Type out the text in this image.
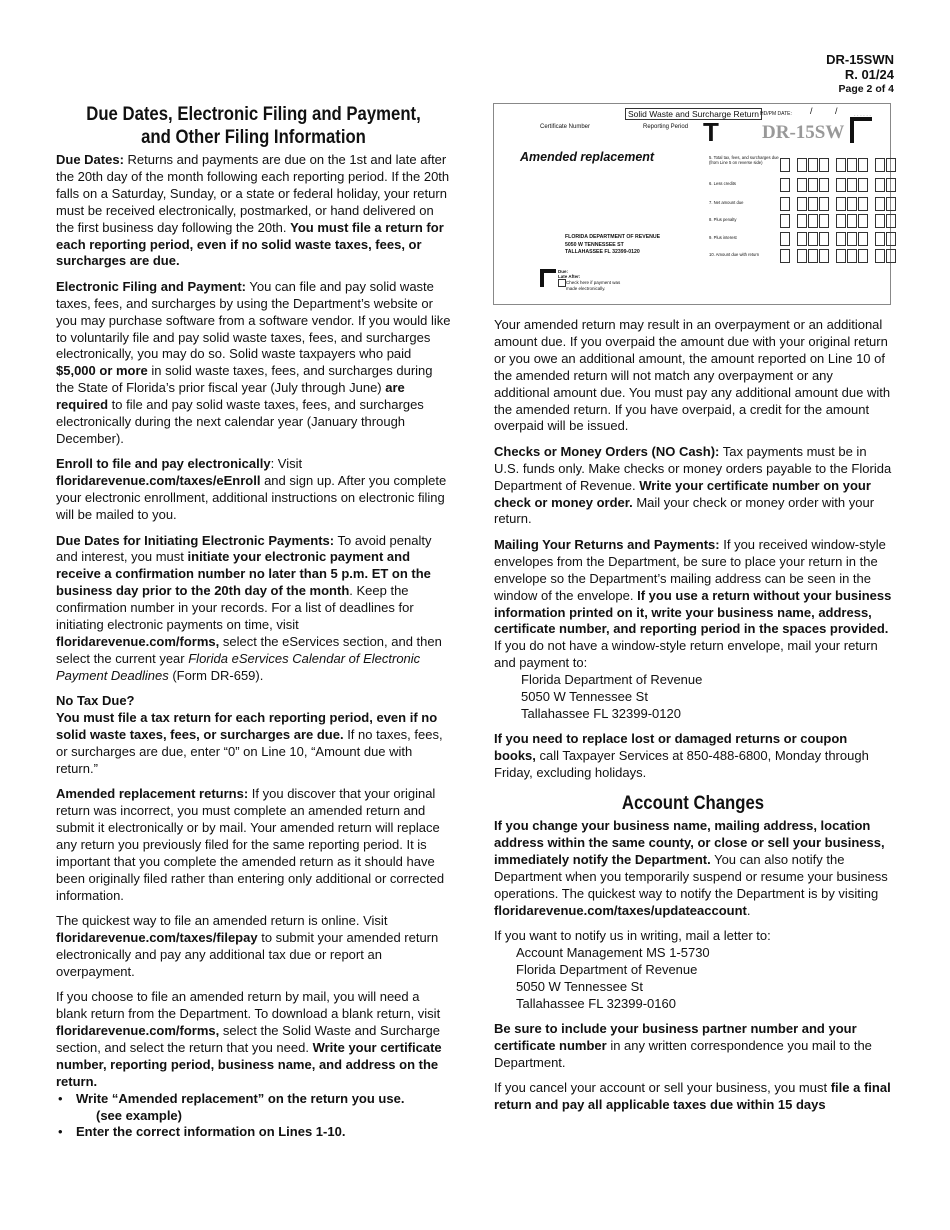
DR-15SWN
R. 01/24
Page 2 of 4
Due Dates, Electronic Filing and Payment, and Other Filing Information

Due Dates: Returns and payments are due on the 1st and late after the 20th day of the month following each reporting period. If the 20th falls on a Saturday, Sunday, or a state or federal holiday, your return must be received electronically, postmarked, or hand delivered on the first business day following the 20th. You must file a return for each reporting period, even if no solid waste taxes, fees, or surcharges are due.

Electronic Filing and Payment: You can file and pay solid waste taxes, fees, and surcharges by using the Department’s website or you may purchase software from a software vendor. If you would like to voluntarily file and pay solid waste taxes, fees, and surcharges electronically, you may do so. Solid waste taxpayers who paid $5,000 or more in solid waste taxes, fees, and surcharges during the State of Florida’s prior fiscal year (July through June) are required to file and pay solid waste taxes, fees, and surcharges electronically during the next calendar year (January through December).

Enroll to file and pay electronically: Visit floridarevenue.com/taxes/eEnroll and sign up. After you complete your electronic enrollment, additional instructions on electronic filing will be mailed to you.

Due Dates for Initiating Electronic Payments: To avoid penalty and interest, you must initiate your electronic payment and receive a confirmation number no later than 5 p.m. ET on the business day prior to the 20th day of the month. Keep the confirmation number in your records. For a list of deadlines for initiating electronic payments on time, visit floridarevenue.com/forms, select the eServices section, and then select the current year Florida eServices Calendar of Electronic Payment Deadlines (Form DR-659).

No Tax Due?
You must file a tax return for each reporting period, even if no solid waste taxes, fees, or surcharges are due. If no taxes, fees, or surcharges are due, enter “0” on Line 10, “Amount due with return.”

Amended replacement returns: If you discover that your original return was incorrect, you must complete an amended return and submit it electronically or by mail. Your amended return will replace any return you previously filed for the same reporting period. It is important that you complete the amended return as it should have been originally filed rather than entering only additional or corrected information.

The quickest way to file an amended return is online. Visit floridarevenue.com/taxes/filepay to submit your amended return electronically and pay any additional tax due or report an overpayment.

If you choose to file an amended return by mail, you will need a blank return from the Department. To download a blank return, visit floridarevenue.com/forms, select the Solid Waste and Surcharge section, and select the return that you need. Write your certificate number, reporting period, business name, and address on the return.

• Write “Amended replacement” on the return you use.
(see example)
• Enter the correct information on Lines 1-10.
Solid Waste and Surcharge Return HD/PM DATE: / /
Certificate Number	Reporting Period T DR-15SW
· · · · · ·
Amended replacement	5. Total tax, fees, and surcharges due (from Line 5 on reverse side)
6. Less credits
7. Net amount due
8. Plus penalty
9. Plus interest
10. Amount due with return
FLORIDA DEPARTMENT OF REVENUE
5050 W TENNESSEE ST
TALLAHASSEE FL 32399-0120
Due:
Late After:
Check here if payment was made electronically.

Your amended return may result in an overpayment or an additional amount due. If you overpaid the amount due with your original return or you owe an additional amount, the amount reported on Line 10 of the amended return will not match any overpayment or any additional amount due. You must pay any additional amount due with the amended return. If you have overpaid, a credit for the amount overpaid will be issued.

Checks or Money Orders (NO Cash): Tax payments must be in U.S. funds only. Make checks or money orders payable to the Florida Department of Revenue. Write your certificate number on your check or money order. Mail your check or money order with your return.

Mailing Your Returns and Payments: If you received window-style envelopes from the Department, be sure to place your return in the envelope so the Department’s mailing address can be seen in the window of the envelope. If you use a return without your business information printed on it, write your business name, address, certificate number, and reporting period in the spaces provided. If you do not have a window-style return envelope, mail your return and payment to:
Florida Department of Revenue
5050 W Tennessee St
Tallahassee FL 32399-0120

If you need to replace lost or damaged returns or coupon books, call Taxpayer Services at 850-488-6800, Monday through Friday, excluding holidays.

Account Changes

If you change your business name, mailing address, location address within the same county, or close or sell your business, immediately notify the Department. You can also notify the Department when you temporarily suspend or resume your business operations. The quickest way to notify the Department is by visiting floridarevenue.com/taxes/updateaccount.

If you want to notify us in writing, mail a letter to:
Account Management MS 1-5730
Florida Department of Revenue
5050 W Tennessee St
Tallahassee FL 32399-0160

Be sure to include your business partner number and your certificate number in any written correspondence you mail to the Department.

If you cancel your account or sell your business, you must file a final return and pay all applicable taxes due within 15 days
